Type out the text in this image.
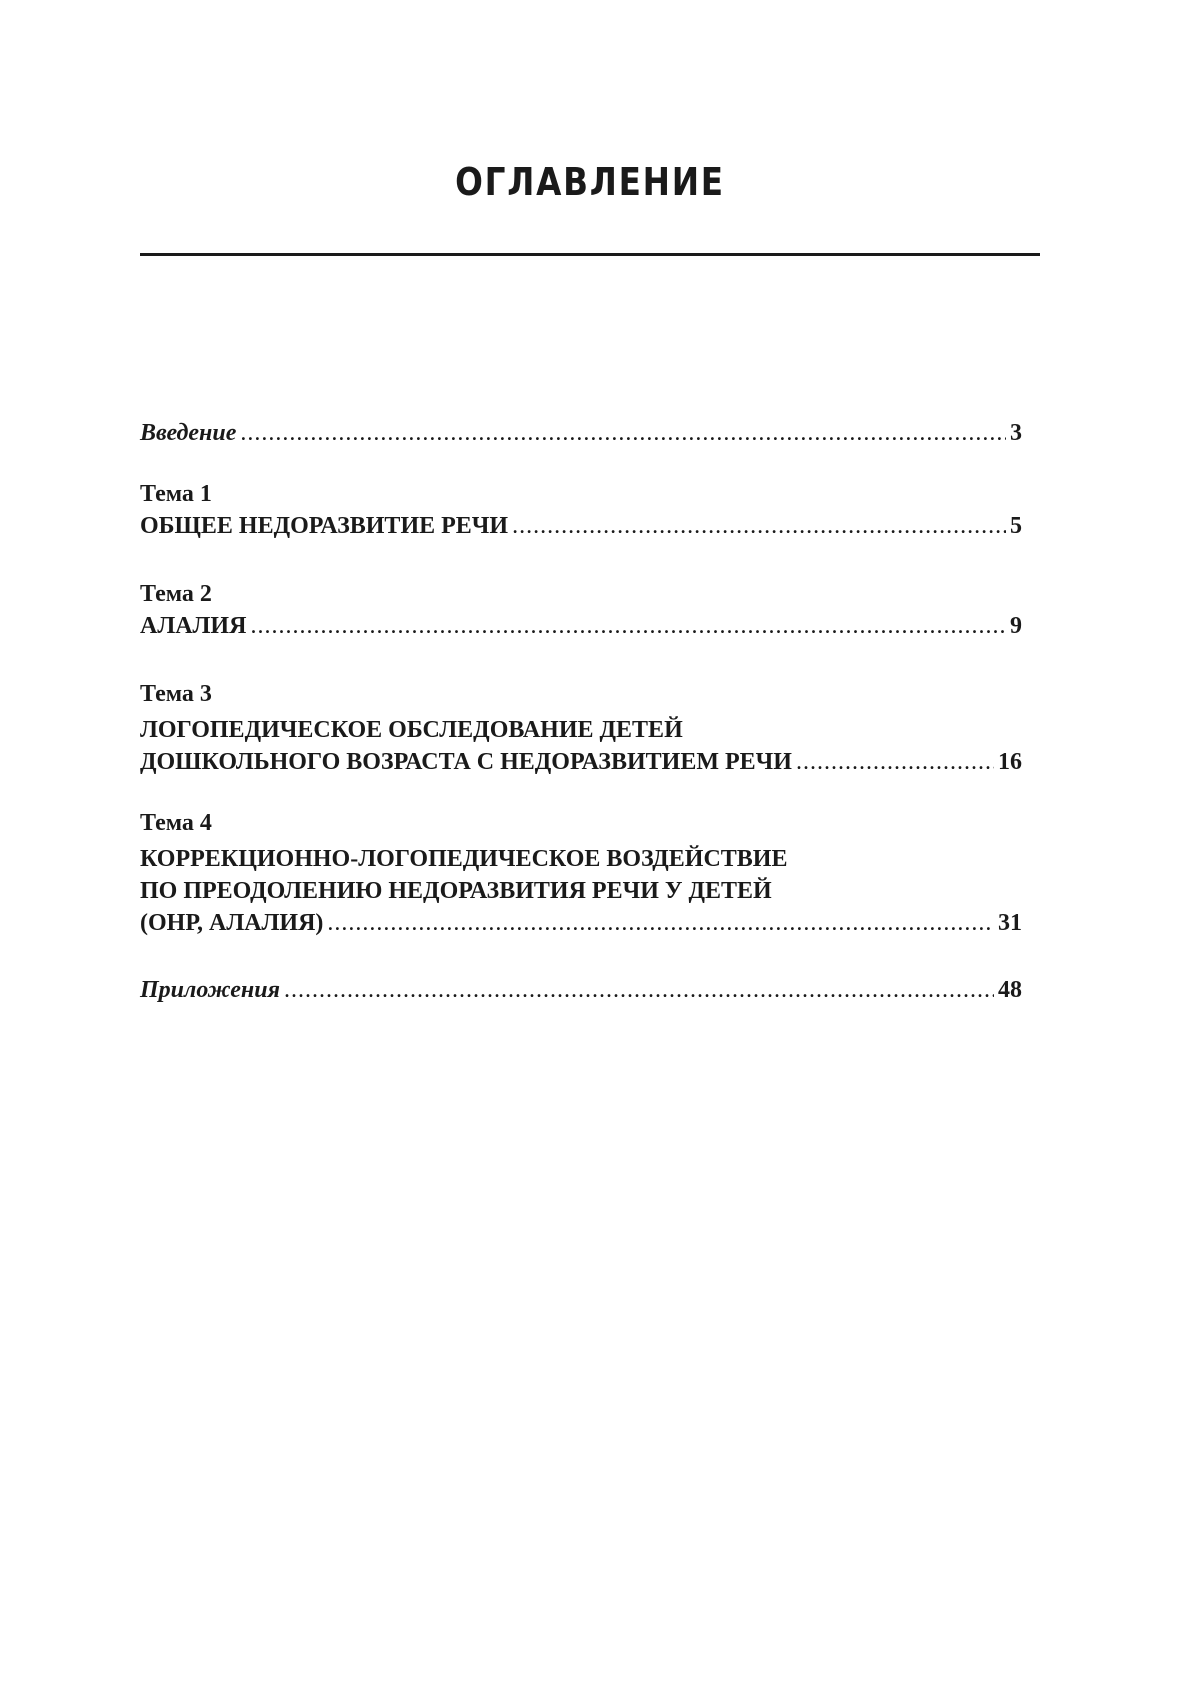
ОГЛАВЛЕНИЕ
Введение .....	3
Тема 1
ОБЩЕЕ НЕДОРАЗВИТИЕ РЕЧИ .....	5
Тема 2
АЛАЛИЯ .....	9
Тема 3
ЛОГОПЕДИЧЕСКОЕ ОБСЛЕДОВАНИЕ ДЕТЕЙ
ДОШКОЛЬНОГО ВОЗРАСТА С НЕДОРАЗВИТИЕМ РЕЧИ .....	16
Тема 4
КОРРЕКЦИОННО-ЛОГОПЕДИЧЕСКОЕ ВОЗДЕЙСТВИЕ
ПО ПРЕОДОЛЕНИЮ НЕДОРАЗВИТИЯ РЕЧИ У ДЕТЕЙ
(ОНР, АЛАЛИЯ) .....	31
Приложения .....	48
